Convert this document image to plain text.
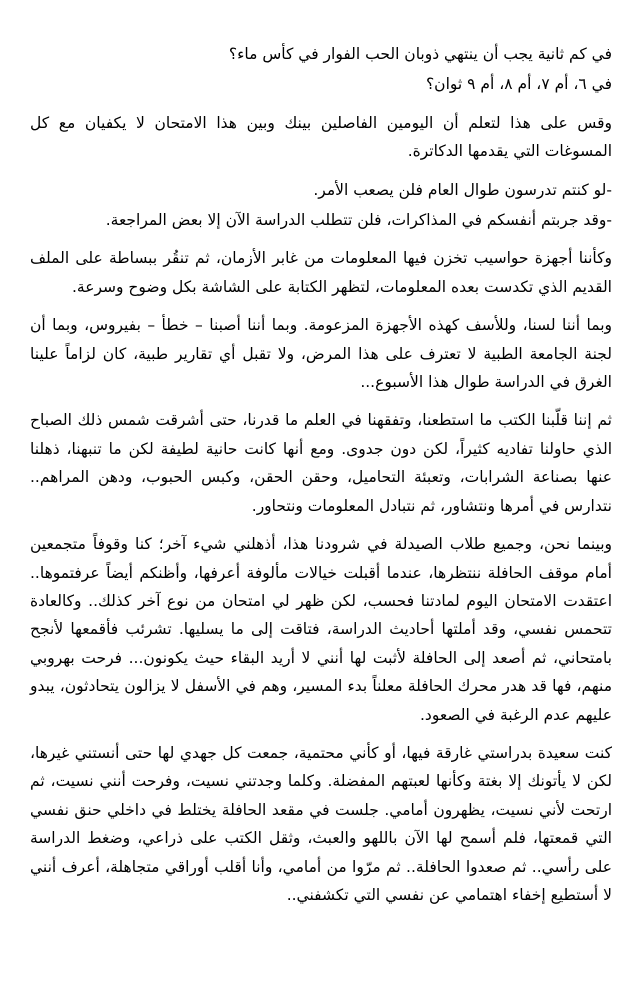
في كم ثانية يجب أن ينتهي ذوبان الحب الفوار في كأس ماء؟

في ٦، أم ٧، أم ٨، أم ٩ ثوان؟

وقس على هذا لتعلم أن اليومين الفاصلين بينك وبين هذا الامتحان لا يكفيان مع كل المسوغات التي يقدمها الدكاترة.

-لو كنتم تدرسون طوال العام فلن يصعب الأمر.

-وقد جربتم أنفسكم في المذاكرات، فلن تتطلب الدراسة الآن إلا بعض المراجعة.

وكأننا أجهزة حواسيب تخزن فيها المعلومات من غابر الأزمان، ثم تنقُر ببساطة على الملف القديم الذي تكدست بعده المعلومات، لتظهر الكتابة على الشاشة بكل وضوح وسرعة.

وبما أننا لسنا، وللأسف كهذه الأجهزة المزعومة. وبما أننا أصبنا – خطأ – بفيروس، وبما أن لجنة الجامعة الطبية لا تعترف على هذا المرض، ولا تقبل أي تقارير طبية، كان لزاماً علينا الغرق في الدراسة طوال هذا الأسبوع...

ثم إننا قلّبنا الكتب ما استطعنا، وتفقهنا في العلم ما قدرنا، حتى أشرقت شمس ذلك الصباح الذي حاولنا تفاديه كثيراً، لكن دون جدوى. ومع أنها كانت حانية لطيفة لكن ما تنبهنا، ذهلنا عنها بصناعة الشرابات، وتعبئة التحاميل، وحقن الحقن، وكبس الحبوب، ودهن المراهم.. نتدارس في أمرها ونتشاور، ثم نتبادل المعلومات ونتحاور.

وبينما نحن، وجميع طلاب الصيدلة في شرودنا هذا، أذهلني شيء آخر؛ كنا وقوفاً متجمعين أمام موقف الحافلة ننتظرها، عندما أقبلت خيالات مألوفة أعرفها، وأظنكم أيضاً عرفتموها.. اعتقدت الامتحان اليوم لمادتنا فحسب، لكن ظهر لي امتحان من نوع آخر كذلك.. وكالعادة تتحمس نفسي، وقد أملتها أحاديث الدراسة، فتاقت إلى ما يسليها. تشرئب فأقمعها لأنجح بامتحاني، ثم أصعد إلى الحافلة لأثبت لها أنني لا أريد البقاء حيث يكونون... فرحت بهروبي منهم، فها قد هدر محرك الحافلة معلناً بدء المسير، وهم في الأسفل لا يزالون يتحادثون، يبدو عليهم عدم الرغبة في الصعود.

كنت سعيدة بدراستي غارقة فيها، أو كأني محتمية، جمعت كل جهدي لها حتى أنستني غيرها، لكن لا يأتونك إلا بغتة وكأنها لعبتهم المفضلة. وكلما وجدتني نسيت، وفرحت أنني نسيت، ثم ارتحت لأني نسيت، يظهرون أمامي. جلست في مقعد الحافلة يختلط في داخلي حنق نفسي التي قمعتها، فلم أسمح لها الآن باللهو والعبث، وثقل الكتب على ذراعي، وضغط الدراسة على رأسي.. ثم صعدوا الحافلة.. ثم مرّوا من أمامي، وأنا أقلب أوراقي متجاهلة، أعرف أنني لا أستطيع إخفاء اهتمامي عن نفسي التي تكشفني..
